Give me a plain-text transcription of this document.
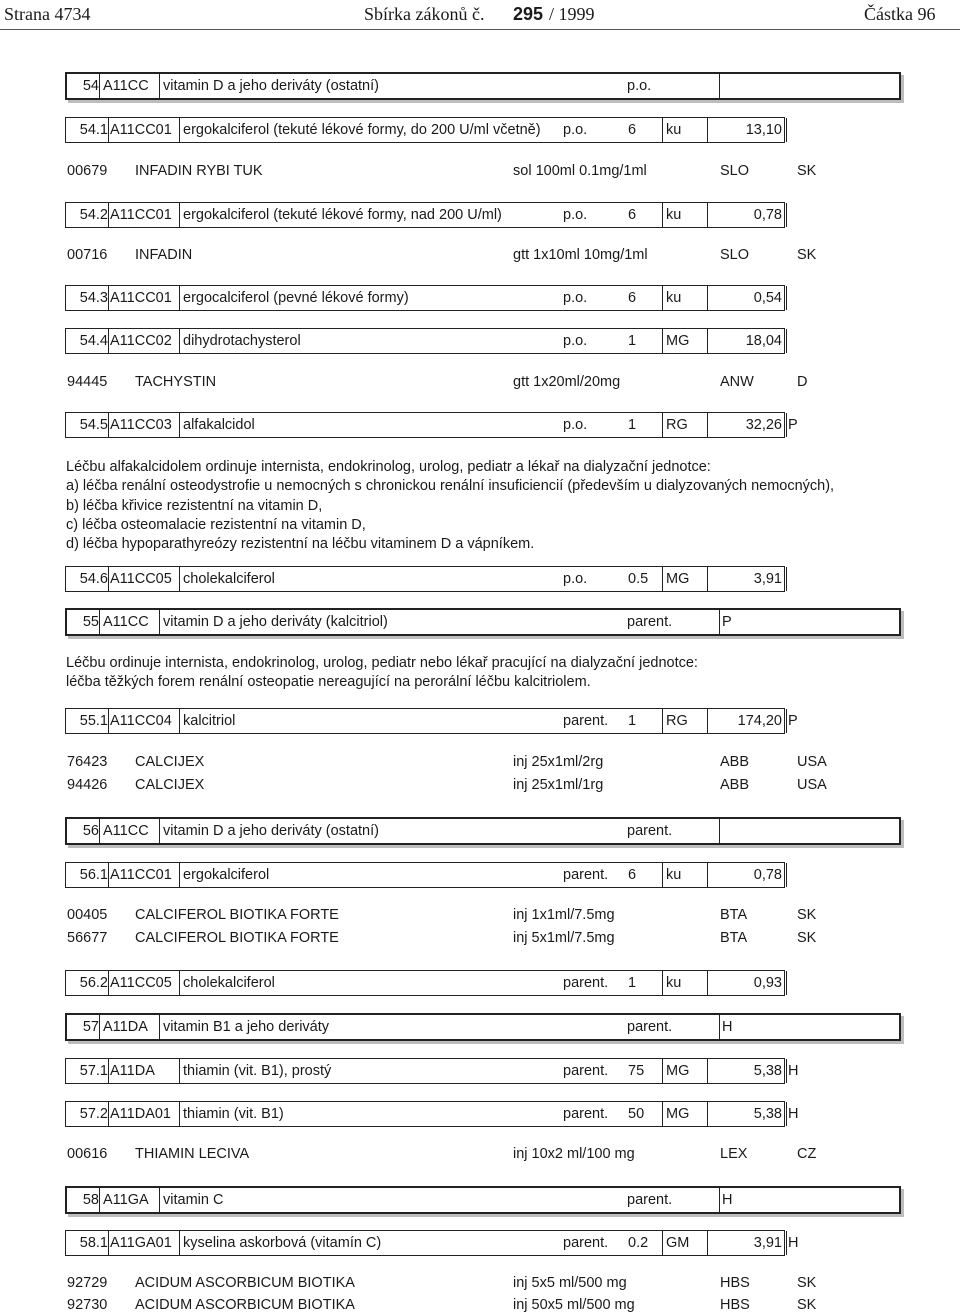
Strana 4734	Sbírka zákonů č. 295 / 1999	Částka 96
54 A11CC vitamin D a jeho deriváty (ostatní)	p.o.
54.1 A11CC01 ergokalciferol (tekuté lékové formy, do 200 U/ml včetně)	p.o.	6	ku	13,10
00679 INFADIN RYBI TUK	sol 100ml 0.1mg/1ml	SLO	SK
54.2 A11CC01 ergokalciferol (tekuté lékové formy, nad 200 U/ml)	p.o.	6	ku	0,78
00716 INFADIN	gtt 1x10ml 10mg/1ml	SLO	SK
54.3 A11CC01 ergocalciferol (pevné lékové formy)	p.o.	6	ku	0,54
54.4 A11CC02 dihydrotachysterol	p.o.	1	MG	18,04
94445 TACHYSTIN	gtt 1x20ml/20mg	ANW	D
54.5 A11CC03 alfakalcidol	p.o.	1	RG	32,26 P
Léčbu alfakalcidolem ordinuje internista, endokrinolog, urolog, pediatr a lékař na dialyzační jednotce:
a) léčba renální osteodystrofie u nemocných s chronickou renální insuficiencií (především u dialyzovaných nemocných),
b) léčba křivice rezistentní na vitamin D,
c) léčba osteomalacie rezistentní na vitamin D,
d) léčba hypoparathyreózy rezistentní na léčbu vitaminem D a vápníkem.
54.6 A11CC05 cholekalciferol	p.o.	0.5	MG	3,91
55 A11CC vitamin D a jeho deriváty (kalcitriol)	parent.	P
Léčbu ordinuje internista, endokrinolog, urolog, pediatr nebo lékař pracující na dialyzační jednotce:
léčba těžkých forem renální osteopatie nereagující na perorální léčbu kalcitriolem.
55.1 A11CC04 kalcitriol	parent.	1	RG	174,20 P
76423 CALCIJEX	inj 25x1ml/2rg	ABB	USA
94426 CALCIJEX	inj 25x1ml/1rg	ABB	USA
56 A11CC vitamin D a jeho deriváty (ostatní)	parent.
56.1 A11CC01 ergokalciferol	parent.	6	ku	0,78
00405 CALCIFEROL BIOTIKA FORTE	inj 1x1ml/7.5mg	BTA	SK
56677 CALCIFEROL BIOTIKA FORTE	inj 5x1ml/7.5mg	BTA	SK
56.2 A11CC05 cholekalciferol	parent.	1	ku	0,93
57 A11DA	vitamin B1 a jeho deriváty	parent.	H
57.1 A11DA	thiamin (vit. B1), prostý	parent.	75	MG	5,38 H
57.2 A11DA01 thiamin (vit. B1)	parent.	50	MG	5,38 H
00616 THIAMIN LECIVA	inj 10x2 ml/100 mg	LEX	CZ
58 A11GA vitamin C	parent.	H
58.1 A11GA01 kyselina askorbová (vitamín C)	parent.	0.2	GM	3,91 H
92729 ACIDUM ASCORBICUM BIOTIKA	inj 5x5 ml/500 mg	HBS	SK
92730 ACIDUM ASCORBICUM BIOTIKA	inj 50x5 ml/500 mg	HBS	SK
